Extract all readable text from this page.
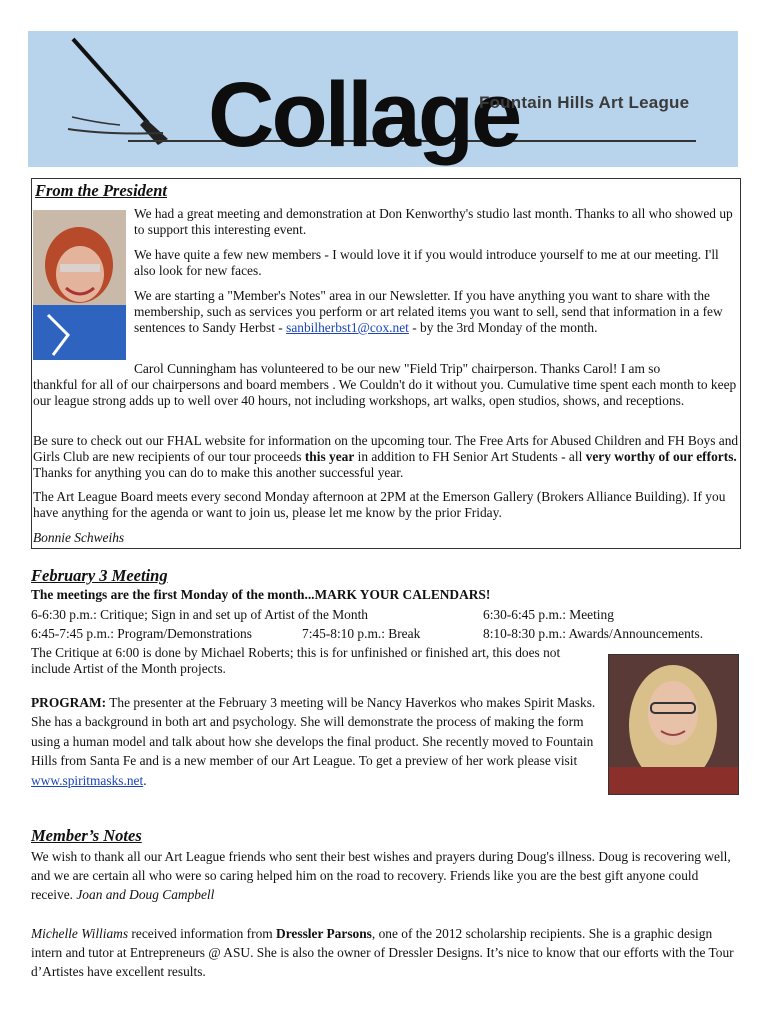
Collage
Fountain Hills Art League
From the President

We had a great meeting and demonstration at Don Kenworthy's studio last month. Thanks to all who showed up to support this interesting event.

We have quite a few new members - I would love it if you would introduce yourself to me at our meeting. I'll also look for new faces.

We are starting a "Member's Notes" area in our Newsletter. If you have anything you want to share with the membership, such as services you perform or art related items you want to sell, send that information in a few sentences to Sandy Herbst - sanbilherbst1@cox.net - by the 3rd Monday of the month.

Carol Cunningham has volunteered to be our new "Field Trip" chairperson. Thanks Carol! I am so

thankful for all of our chairpersons and board members . We Couldn't do it without you. Cumulative time spent each month to keep our league strong adds up to well over 40 hours, not including workshops, art walks, open studios, shows, and receptions.

Be sure to check out our FHAL website for information on the upcoming tour. The Free Arts for Abused Children and FH Boys and Girls Club are new recipients of our tour proceeds this year in addition to FH Senior Art Students - all very worthy of our efforts. Thanks for anything you can do to make this another successful year.

The Art League Board meets every second Monday afternoon at 2PM at the Emerson Gallery (Brokers Alliance Building). If you have anything for the agenda or want to join us, please let me know by the prior Friday.

Bonnie Schweihs

February 3 Meeting
The meetings are the first Monday of the month...MARK YOUR CALENDARS!
6-6:30 p.m.: Critique; Sign in and set up of Artist of the Month	6:30-6:45 p.m.: Meeting
6:45-7:45 p.m.: Program/Demonstrations	7:45-8:10 p.m.: Break	8:10-8:30 p.m.: Awards/Announcements.
The Critique at 6:00 is done by Michael Roberts; this is for unfinished or finished art, this does not include Artist of the Month projects.
PROGRAM: The presenter at the February 3 meeting will be Nancy Haverkos who makes Spirit Masks. She has a background in both art and psychology. She will demonstrate the process of making the form using a human model and talk about how she develops the final product. She recently moved to Fountain Hills from Santa Fe and is a new member of our Art League. To get a preview of her work please visit www.spiritmasks.net.
Member’s Notes
We wish to thank all our Art League friends who sent their best wishes and prayers during Doug's illness. Doug is recovering well, and we are certain all who were so caring helped him on the road to recovery. Friends like you are the best gift anyone could receive. Joan and Doug Campbell
Michelle Williams received information from Dressler Parsons, one of the 2012 scholarship recipients. She is a graphic design intern and tutor at Entrepreneurs @ ASU. She is also the owner of Dressler Designs. It’s nice to know that our efforts with the Tour d’Artistes have excellent results.
